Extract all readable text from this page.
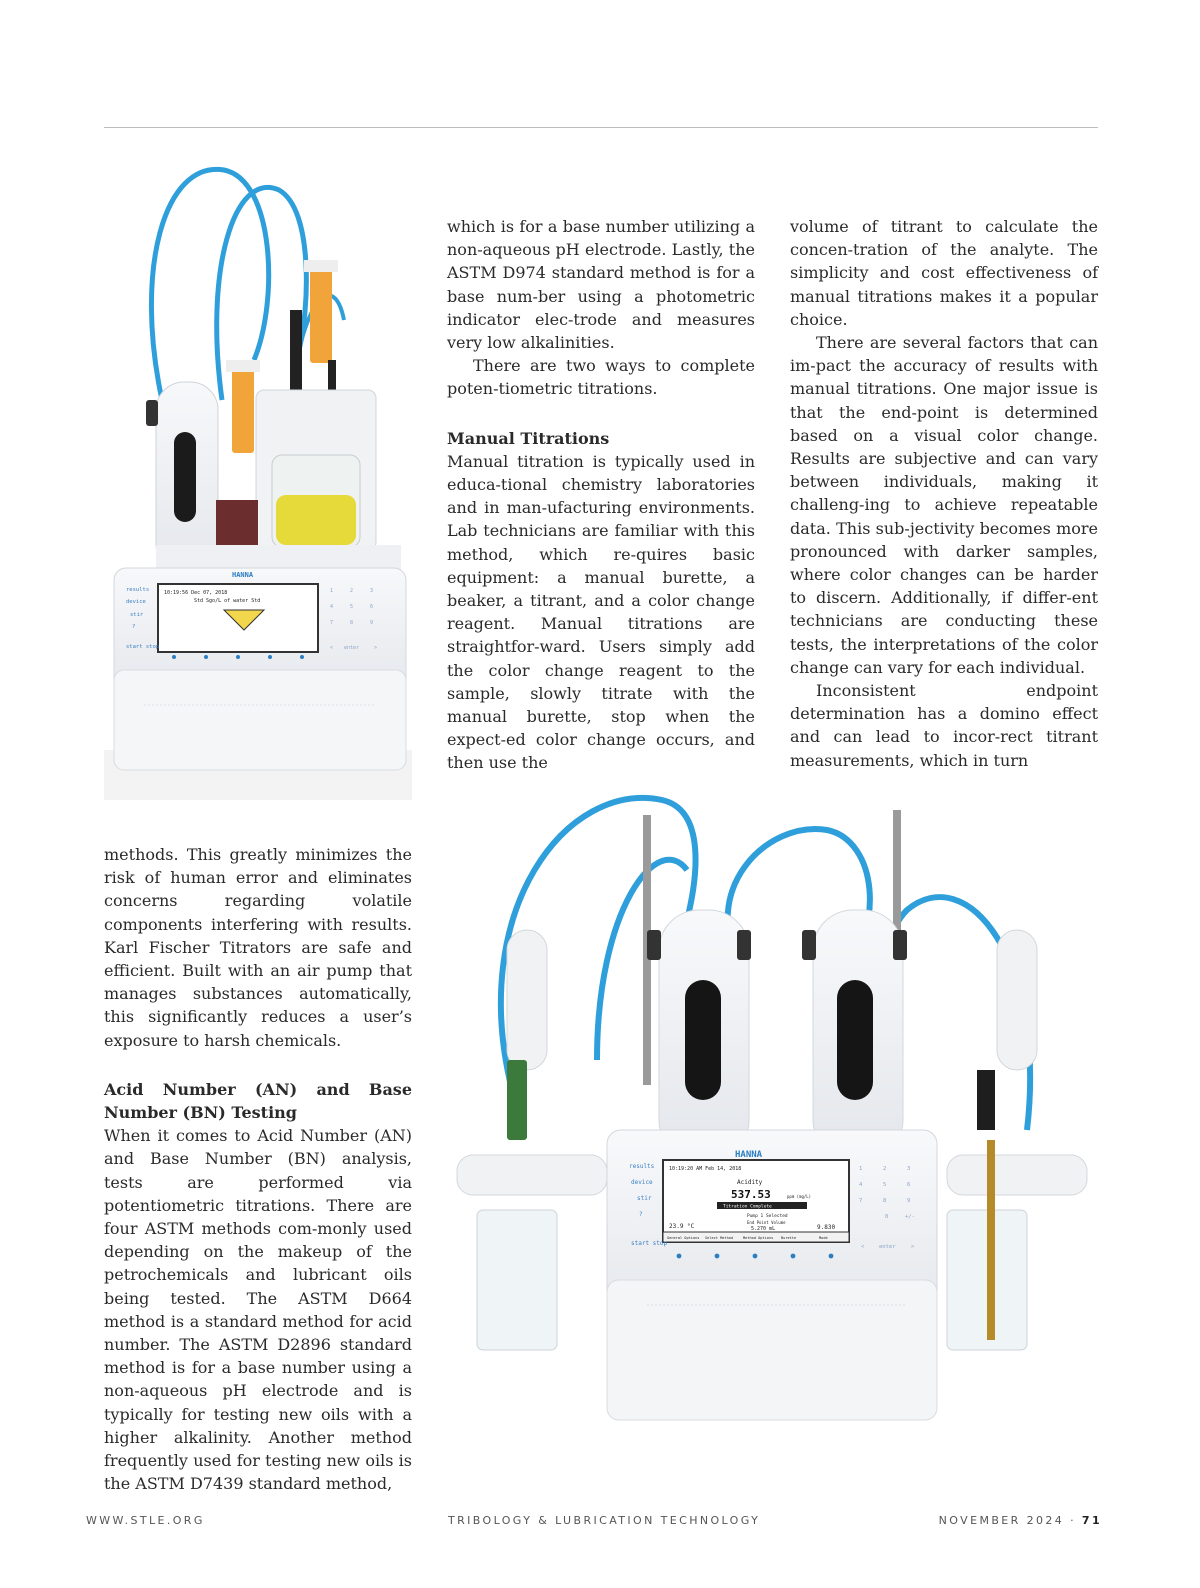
10:19:56 Dec 07, 2018
Std Sgo/L of water Std
HANNA
results
device
stir
?
start stop
1	2	3
4	5	6
7	8	9
< enter	>

which is for a base number utilizing a non-aqueous pH electrode. Lastly, the ASTM D974 standard method is for a base num-ber using a photometric indicator elec-trode and measures very low alkalinities.

There are two ways to complete poten-tiometric titrations.

Manual Titrations

Manual titration is typically used in educa-tional chemistry laboratories and in man-ufacturing environments. Lab technicians are familiar with this method, which re-quires basic equipment: a manual burette, a beaker, a titrant, and a color change reagent. Manual titrations are straightfor-ward. Users simply add the color change reagent to the sample, slowly titrate with the manual burette, stop when the expect-ed color change occurs, and then use the

volume of titrant to calculate the concen-tration of the analyte. The simplicity and cost effectiveness of manual titrations makes it a popular choice.

There are several factors that can im-pact the accuracy of results with manual titrations. One major issue is that the end-point is determined based on a visual color change. Results are subjective and can vary between individuals, making it challeng-ing to achieve repeatable data. This sub-jectivity becomes more pronounced with darker samples, where color changes can be harder to discern. Additionally, if differ-ent technicians are conducting these tests, the interpretations of the color change can vary for each individual.

Inconsistent endpoint determination has a domino effect and can lead to incor-rect titrant measurements, which in turn

methods. This greatly minimizes the risk of human error and eliminates concerns regarding volatile components interfering with results. Karl Fischer Titrators are safe and efficient. Built with an air pump that manages substances automatically, this significantly reduces a user’s exposure to harsh chemicals.

Acid Number (AN) and Base Number (BN) Testing

When it comes to Acid Number (AN) and Base Number (BN) analysis, tests are performed via potentiometric titrations. There are four ASTM methods com-monly used depending on the makeup of the petrochemicals and lubricant oils being tested. The ASTM D664 method is a standard method for acid number. The ASTM D2896 standard method is for a base number using a non-aqueous pH electrode and is typically for testing new oils with a higher alkalinity. Another method frequently used for testing new oils is the ASTM D7439 standard method,

HANNA
10:19:20 AM Feb 14, 2018
Acidity
537.53	ppm (mg/L)
Titration Complete
Pump 1 Selected
23.9 °C
End Point Volume
5.270 mL	9.830
General Options Select Method	Method Options Burette	Mode
results
device
stir
?
start stop
1	2	3
4	5	6
7	8	9
0	+/-
<	enter	>
WWW.STLE.ORG	TRIBOLOGY & LUBRICATION TECHNOLOGY	NOVEMBER 2024 · 71
